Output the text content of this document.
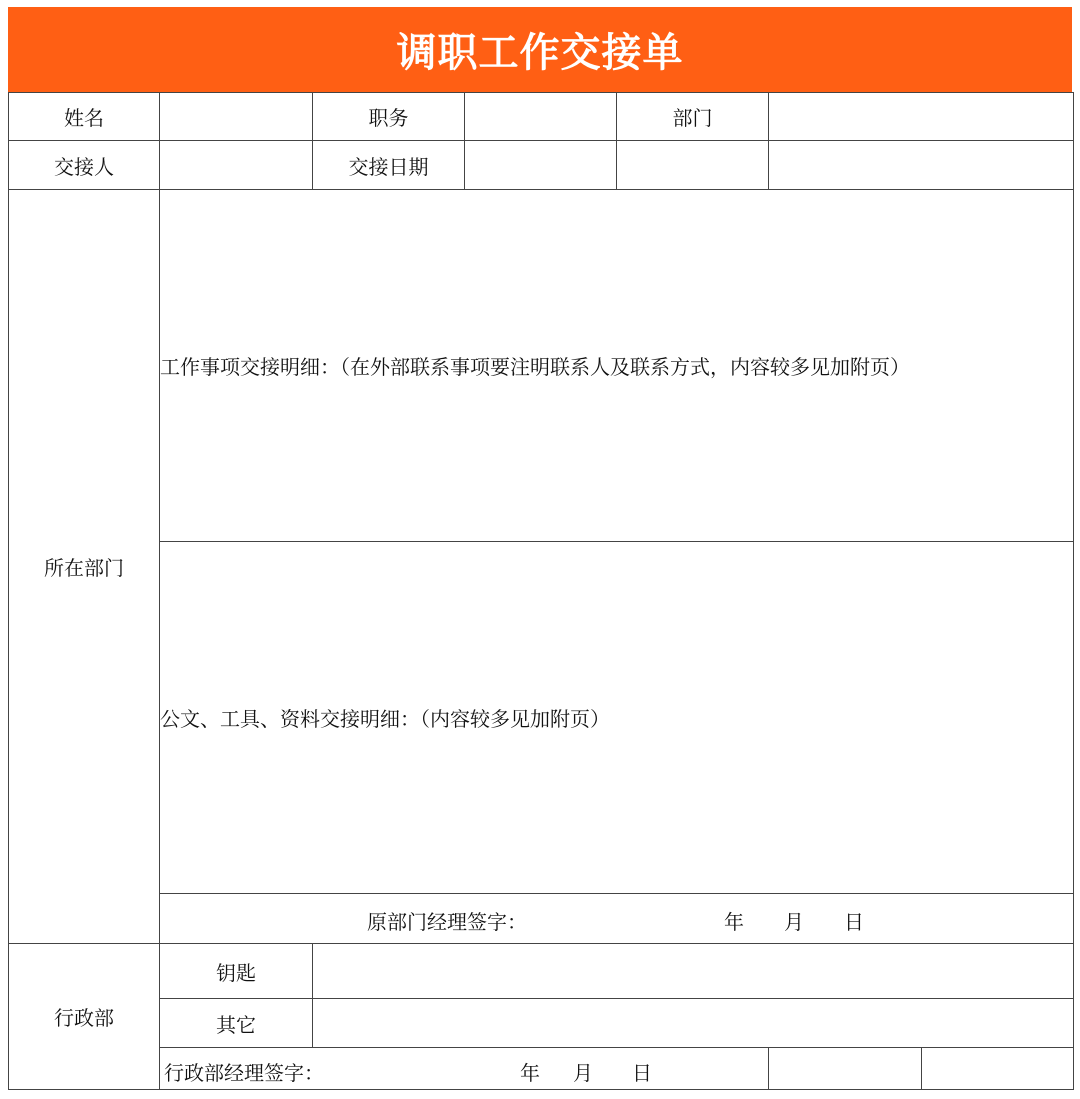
调职工作交接单
姓名		职务		部门		
交接人		交接日期				
所在部门	工作事项交接明细：（在外部联系事项要注明联系人及联系方式，内容较多见加附页）					
	公文、工具、资料交接明细：（内容较多见加附页）					

	原部门经理签字： 年 月 日					

行政部	钥匙					
	其它					

	行政部经理签字： 年 月 日					
